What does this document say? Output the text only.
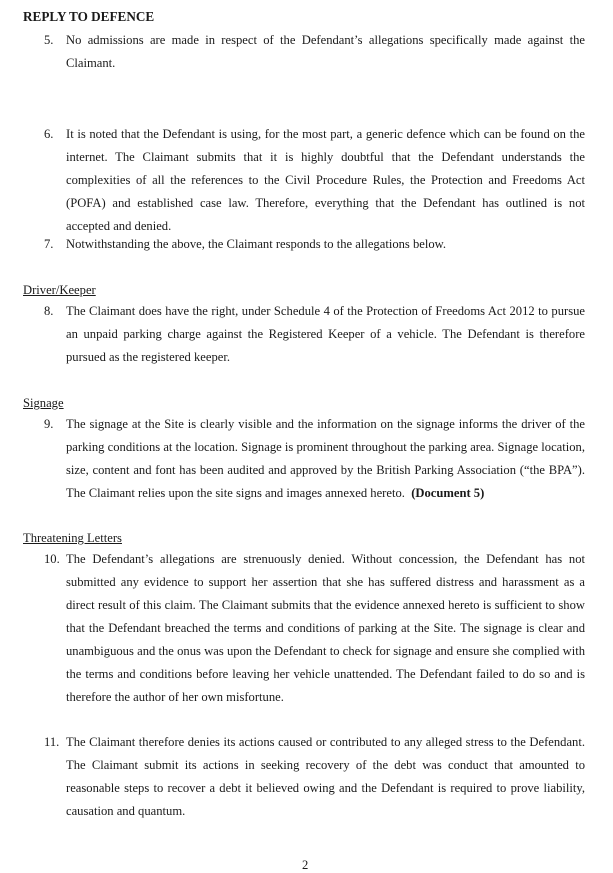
REPLY TO DEFENCE
5. No admissions are made in respect of the Defendant’s allegations specifically made against the Claimant.
6. It is noted that the Defendant is using, for the most part, a generic defence which can be found on the internet. The Claimant submits that it is highly doubtful that the Defendant understands the complexities of all the references to the Civil Procedure Rules, the Protection and Freedoms Act (POFA) and established case law. Therefore, everything that the Defendant has outlined is not accepted and denied.
7. Notwithstanding the above, the Claimant responds to the allegations below.
Driver/Keeper
8. The Claimant does have the right, under Schedule 4 of the Protection of Freedoms Act 2012 to pursue an unpaid parking charge against the Registered Keeper of a vehicle. The Defendant is therefore pursued as the registered keeper.
Signage
9. The signage at the Site is clearly visible and the information on the signage informs the driver of the parking conditions at the location. Signage is prominent throughout the parking area. Signage location, size, content and font has been audited and approved by the British Parking Association (“the BPA”). The Claimant relies upon the site signs and images annexed hereto. (Document 5)
Threatening Letters
10. The Defendant’s allegations are strenuously denied. Without concession, the Defendant has not submitted any evidence to support her assertion that she has suffered distress and harassment as a direct result of this claim. The Claimant submits that the evidence annexed hereto is sufficient to show that the Defendant breached the terms and conditions of parking at the Site. The signage is clear and unambiguous and the onus was upon the Defendant to check for signage and ensure she complied with the terms and conditions before leaving her vehicle unattended. The Defendant failed to do so and is therefore the author of her own misfortune.
11. The Claimant therefore denies its actions caused or contributed to any alleged stress to the Defendant. The Claimant submit its actions in seeking recovery of the debt was conduct that amounted to reasonable steps to recover a debt it believed owing and the Defendant is required to prove liability, causation and quantum.
2
